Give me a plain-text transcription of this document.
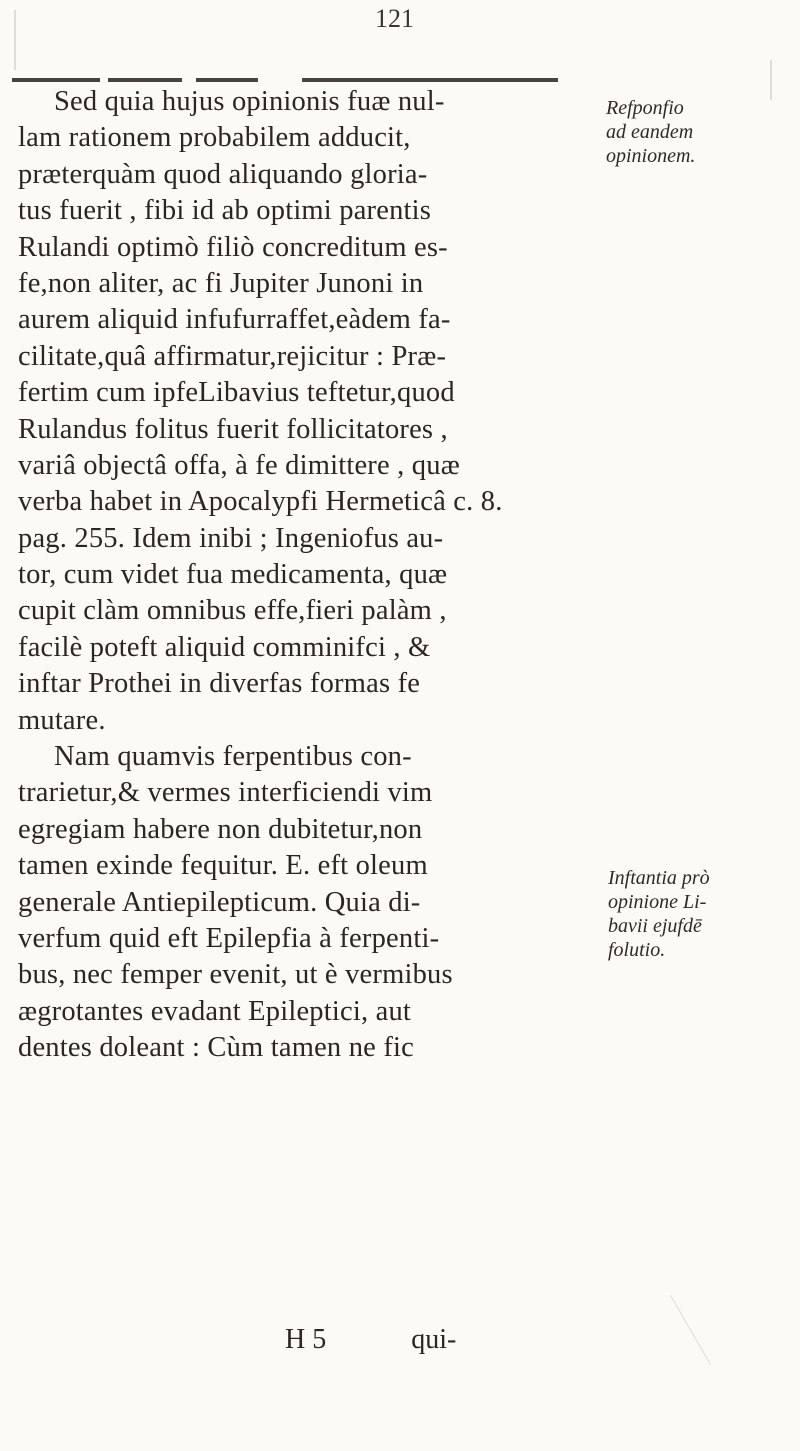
121
Sed quia hujus opinionis fuæ nul-
lam rationem probabilem adducit,
præterquàm quod aliquando gloria-
tus fuerit , fibi id ab optimi parentis
Rulandi optimò filiò concreditum es-
fe,non aliter, ac fi Jupiter Junoni in
aurem aliquid infufurraffet,eàdem fa-
cilitate,quâ affirmatur,rejicitur : Præ-
fertim cum ipfeLibavius teftetur,quod
Rulandus folitus fuerit follicitatores ,
variâ objectâ offa, à fe dimittere , quæ
verba habet in Apocalypfi Hermeticâ c. 8.
pag. 255. Idem inibi ; Ingeniofus au-
tor, cum videt fua medicamenta, quæ
cupit clàm omnibus effe,fieri palàm ,
facilè poteft aliquid comminifci , &
inftar Prothei in diverfas formas fe
mutare.
Nam quamvis ferpentibus con-
trarietur,& vermes interficiendi vim
egregiam habere non dubitetur,non
tamen exinde fequitur. E. eft oleum
generale Antiepilepticum. Quia di-
verfum quid eft Epilepfia à ferpenti-
bus, nec femper evenit, ut è vermibus
ægrotantes evadant Epileptici, aut
dentes doleant : Cùm tamen ne fic
H 5	qui-
Refponfio
ad eandem
opinionem.
Inftantia prò
opinione Li-
bavii ejufdē
folutio.
